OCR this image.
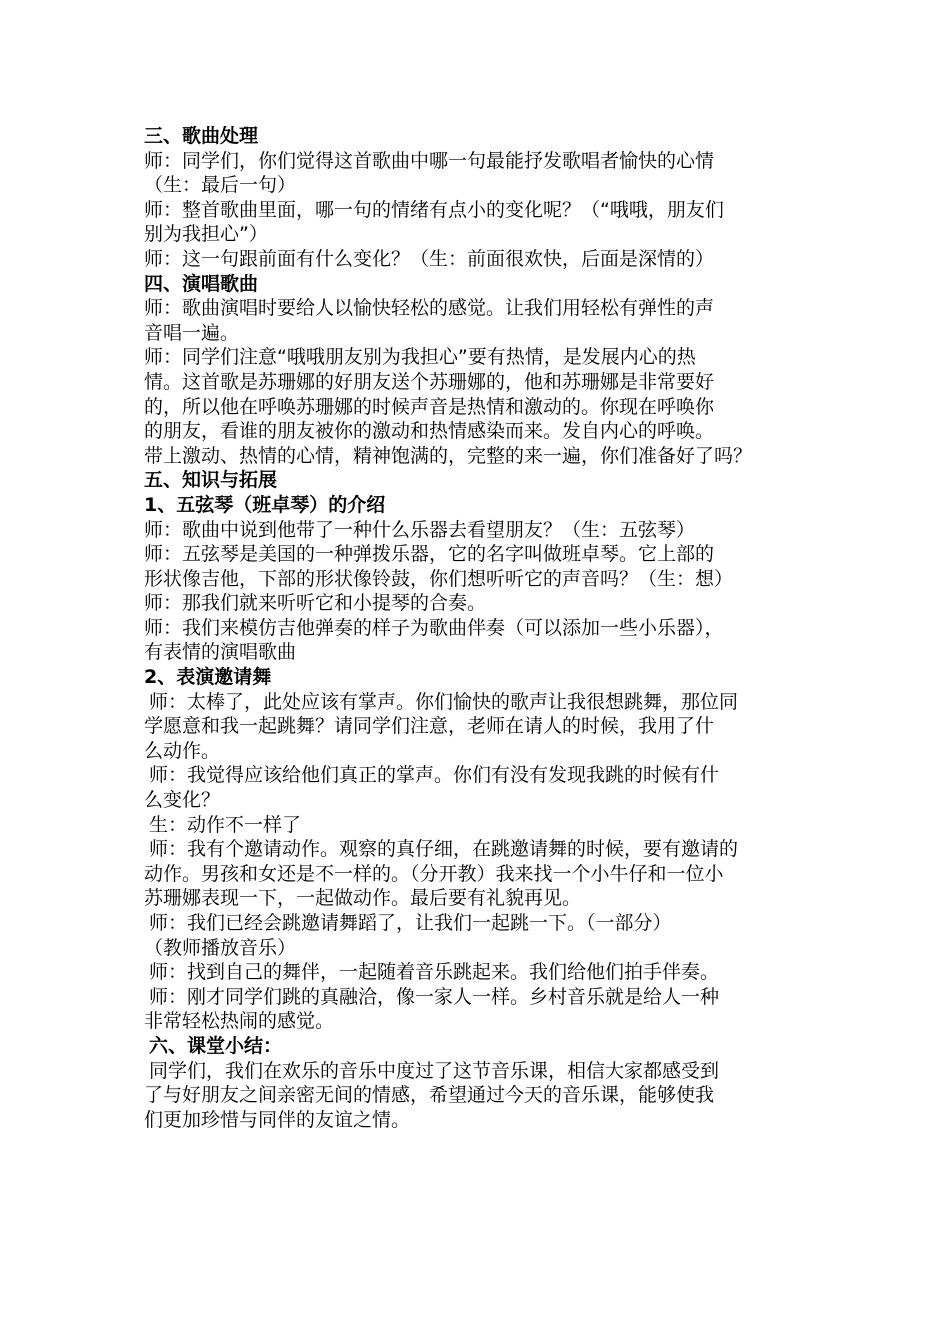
三、歌曲处理
师：同学们，你们觉得这首歌曲中哪一句最能抒发歌唱者愉快的心情
（生：最后一句）
师：整首歌曲里面，哪一句的情绪有点小的变化呢？（“哦哦，朋友们
别为我担心”）
师：这一句跟前面有什么变化？（生：前面很欢快，后面是深情的）
四、演唱歌曲
师：歌曲演唱时要给人以愉快轻松的感觉。让我们用轻松有弹性的声
音唱一遍。
师：同学们注意“哦哦朋友别为我担心”要有热情，是发展内心的热
情。这首歌是苏珊娜的好朋友送个苏珊娜的，他和苏珊娜是非常要好
的，所以他在呼唤苏珊娜的时候声音是热情和激动的。你现在呼唤你
的朋友，看谁的朋友被你的激动和热情感染而来。发自内心的呼唤。
带上激动、热情的心情，精神饱满的，完整的来一遍，你们准备好了吗？
五、知识与拓展
1、五弦琴（班卓琴）的介绍
师：歌曲中说到他带了一种什么乐器去看望朋友？（生：五弦琴）
师：五弦琴是美国的一种弹拨乐器，它的名字叫做班卓琴。它上部的
形状像吉他，下部的形状像铃鼓，你们想听听它的声音吗？（生：想）
师：那我们就来听听它和小提琴的合奏。
师：我们来模仿吉他弹奏的样子为歌曲伴奏（可以添加一些小乐器），
有表情的演唱歌曲
2、表演邀请舞
师：太棒了，此处应该有掌声。你们愉快的歌声让我很想跳舞，那位同
学愿意和我一起跳舞？请同学们注意，老师在请人的时候，我用了什
么动作。
师：我觉得应该给他们真正的掌声。你们有没有发现我跳的时候有什
么变化？
生：动作不一样了
师：我有个邀请动作。观察的真仔细，在跳邀请舞的时候，要有邀请的
动作。男孩和女还是不一样的。（分开教）我来找一个小牛仔和一位小
苏珊娜表现一下，一起做动作。最后要有礼貌再见。
师：我们已经会跳邀请舞蹈了，让我们一起跳一下。（一部分）
（教师播放音乐）
师：找到自己的舞伴，一起随着音乐跳起来。我们给他们拍手伴奏。
师：刚才同学们跳的真融洽，像一家人一样。乡村音乐就是给人一种
非常轻松热闹的感觉。
六、课堂小结：
同学们，我们在欢乐的音乐中度过了这节音乐课，相信大家都感受到
了与好朋友之间亲密无间的情感，希望通过今天的音乐课，能够使我
们更加珍惜与同伴的友谊之情。
